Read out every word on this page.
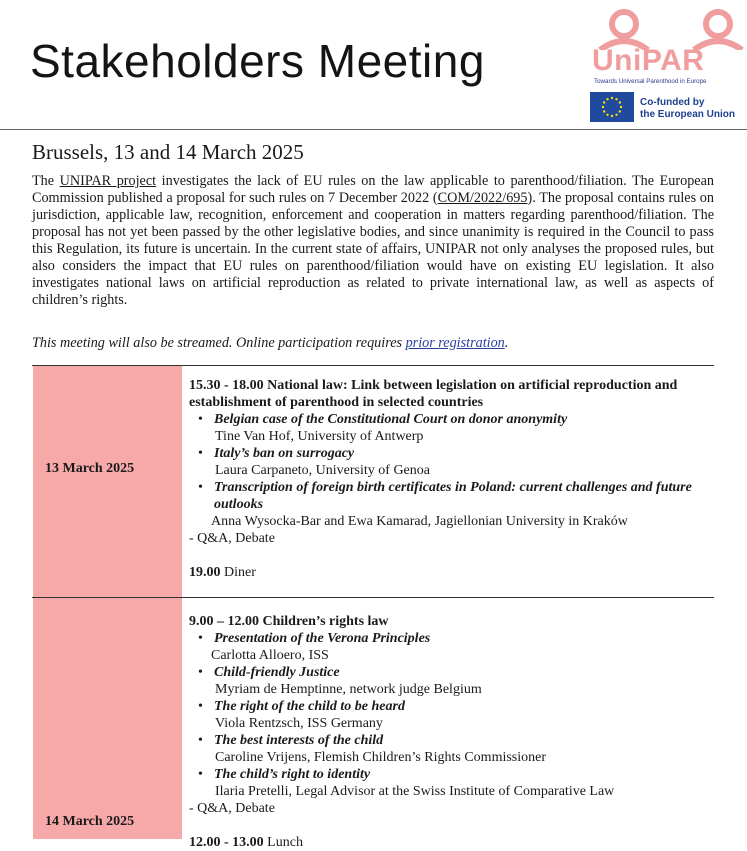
Stakeholders Meeting	UniPAR
Towards Universal Parenthood in Europe
Co-funded by
the European Union
Brussels, 13 and 14 March 2025

The UNIPAR project investigates the lack of EU rules on the law applicable to parenthood/filiation. The European Commission published a proposal for such rules on 7 December 2022 (COM/2022/695). The proposal contains rules on jurisdiction, applicable law, recognition, enforcement and cooperation in matters regarding parenthood/filiation. The proposal has not yet been passed by the other legislative bodies, and since unanimity is required in the Council to pass this Regulation, its future is uncertain. In the current state of affairs, UNIPAR not only analyses the proposed rules, but also considers the impact that EU rules on parenthood/filiation would have on existing EU legislation. It also investigates national laws on artificial reproduction as related to private international law, as well as aspects of children’s rights.

This meeting will also be streamed. Online participation requires prior registration.

13 March 2025

15.30 - 18.00 National law: Link between legislation on artificial reproduction and establishment of parenthood in selected countries

• Belgian case of the Constitutional Court on donor anonymity

Tine Van Hof, University of Antwerp

• Italy’s ban on surrogacy

Laura Carpaneto, University of Genoa

• Transcription of foreign birth certificates in Poland: current challenges and future outlooks

Anna Wysocka-Bar and Ewa Kamarad, Jagiellonian University in Kraków

- Q&A, Debate

19.00 Diner

14 March 2025

9.00 – 12.00 Children’s rights law

• Presentation of the Verona Principles

Carlotta Alloero, ISS

• Child-friendly Justice

Myriam de Hemptinne, network judge Belgium

• The right of the child to be heard

Viola Rentzsch, ISS Germany

• The best interests of the child

Caroline Vrijens, Flemish Children’s Rights Commissioner

• The child’s right to identity

Ilaria Pretelli, Legal Advisor at the Swiss Institute of Comparative Law

- Q&A, Debate

12.00 - 13.00 Lunch
